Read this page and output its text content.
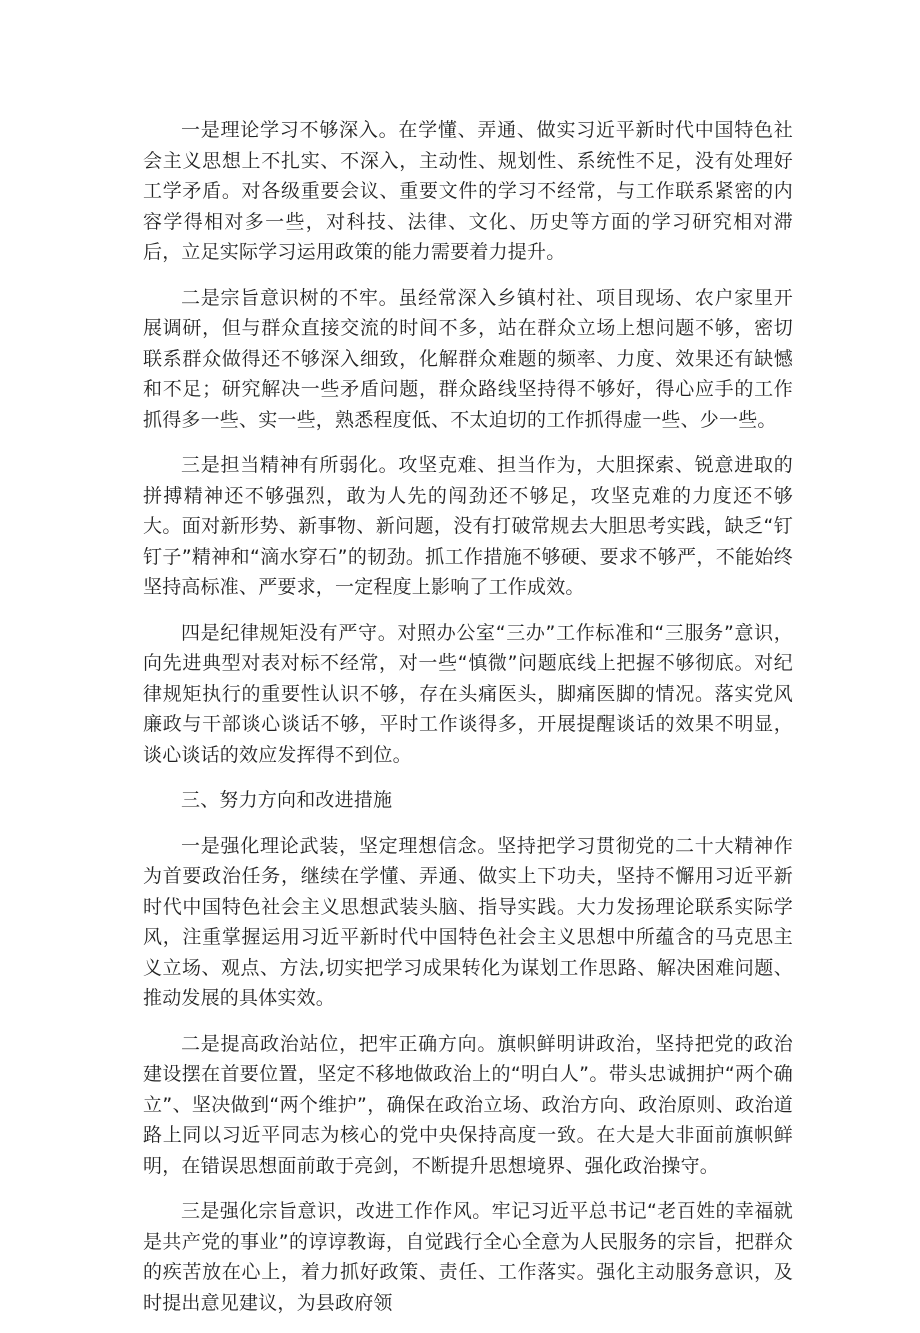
一是理论学习不够深入。在学懂、弄通、做实习近平新时代中国特色社会主义思想上不扎实、不深入，主动性、规划性、系统性不足，没有处理好工学矛盾。对各级重要会议、重要文件的学习不经常，与工作联系紧密的内容学得相对多一些，对科技、法律、文化、历史等方面的学习研究相对滞后，立足实际学习运用政策的能力需要着力提升。

二是宗旨意识树的不牢。虽经常深入乡镇村社、项目现场、农户家里开展调研，但与群众直接交流的时间不多，站在群众立场上想问题不够，密切联系群众做得还不够深入细致，化解群众难题的频率、力度、效果还有缺憾和不足；研究解决一些矛盾问题，群众路线坚持得不够好，得心应手的工作抓得多一些、实一些，熟悉程度低、不太迫切的工作抓得虚一些、少一些。

三是担当精神有所弱化。攻坚克难、担当作为，大胆探索、锐意进取的拼搏精神还不够强烈，敢为人先的闯劲还不够足，攻坚克难的力度还不够大。面对新形势、新事物、新问题，没有打破常规去大胆思考实践，缺乏“钉钉子”精神和“滴水穿石”的韧劲。抓工作措施不够硬、要求不够严，不能始终坚持高标准、严要求，一定程度上影响了工作成效。

四是纪律规矩没有严守。对照办公室“三办”工作标准和“三服务”意识，向先进典型对表对标不经常，对一些“慎微”问题底线上把握不够彻底。对纪律规矩执行的重要性认识不够，存在头痛医头，脚痛医脚的情况。落实党风廉政与干部谈心谈话不够，平时工作谈得多，开展提醒谈话的效果不明显，谈心谈话的效应发挥得不到位。

三、努力方向和改进措施

一是强化理论武装，坚定理想信念。坚持把学习贯彻党的二十大精神作为首要政治任务，继续在学懂、弄通、做实上下功夫，坚持不懈用习近平新时代中国特色社会主义思想武装头脑、指导实践。大力发扬理论联系实际学风，注重掌握运用习近平新时代中国特色社会主义思想中所蕴含的马克思主义立场、观点、方法,切实把学习成果转化为谋划工作思路、解决困难问题、推动发展的具体实效。

二是提高政治站位，把牢正确方向。旗帜鲜明讲政治，坚持把党的政治建设摆在首要位置，坚定不移地做政治上的“明白人”。带头忠诚拥护“两个确立”、坚决做到“两个维护”，确保在政治立场、政治方向、政治原则、政治道路上同以习近平同志为核心的党中央保持高度一致。在大是大非面前旗帜鲜明，在错误思想面前敢于亮剑，不断提升思想境界、强化政治操守。

三是强化宗旨意识，改进工作作风。牢记习近平总书记“老百姓的幸福就是共产党的事业”的谆谆教诲，自觉践行全心全意为人民服务的宗旨，把群众的疾苦放在心上，着力抓好政策、责任、工作落实。强化主动服务意识，及时提出意见建议，为县政府领
